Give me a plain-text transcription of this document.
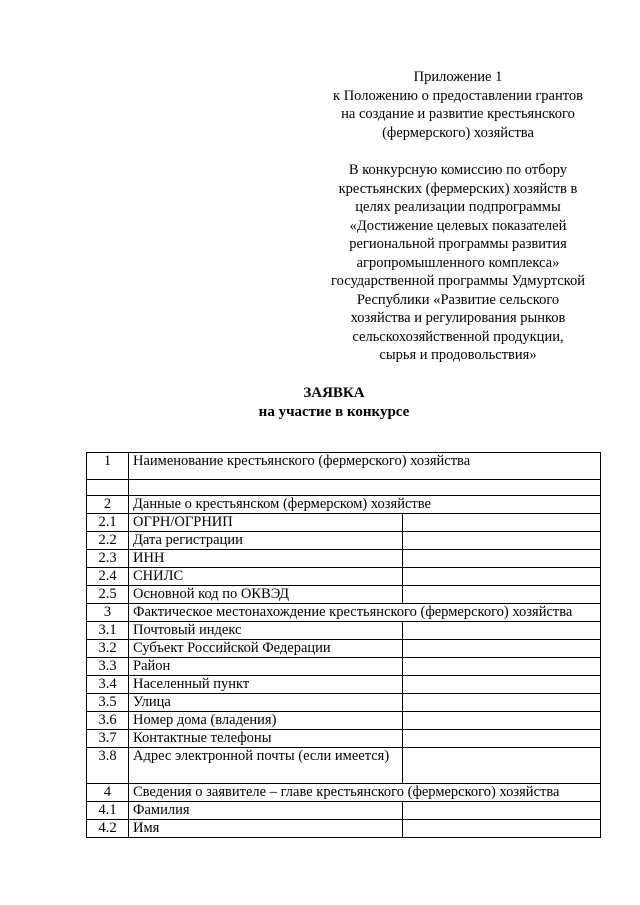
Приложение 1
к Положению о предоставлении грантов
на создание и развитие крестьянского
(фермерского) хозяйства
В конкурсную комиссию по отбору
крестьянских (фермерских) хозяйств в
целях реализации подпрограммы
«Достижение целевых показателей
региональной программы развития
агропромышленного комплекса»
государственной программы Удмуртской
Республики «Развитие сельского
хозяйства и регулирования рынков
сельскохозяйственной продукции,
сырья и продовольствия»
ЗАЯВКА
на участие в конкурсе
1	Наименование крестьянского (фермерского) хозяйства	

2	Данные о крестьянском (фермерском) хозяйстве	
2.1	ОГРН/ОГРНИП	
2.2	Дата регистрации	
2.3	ИНН	
2.4	СНИЛС	
2.5	Основной код по ОКВЭД	
3	Фактическое местонахождение крестьянского (фермерского) хозяйства	
3.1	Почтовый индекс	
3.2	Субъект Российской Федерации	
3.3	Район	
3.4	Населенный пункт	
3.5	Улица	
3.6	Номер дома (владения)	
3.7	Контактные телефоны	
3.8	Адрес электронной почты (если имеется)	
4	Сведения о заявителе – главе крестьянского (фермерского) хозяйства	
4.1	Фамилия	
4.2	Имя	
